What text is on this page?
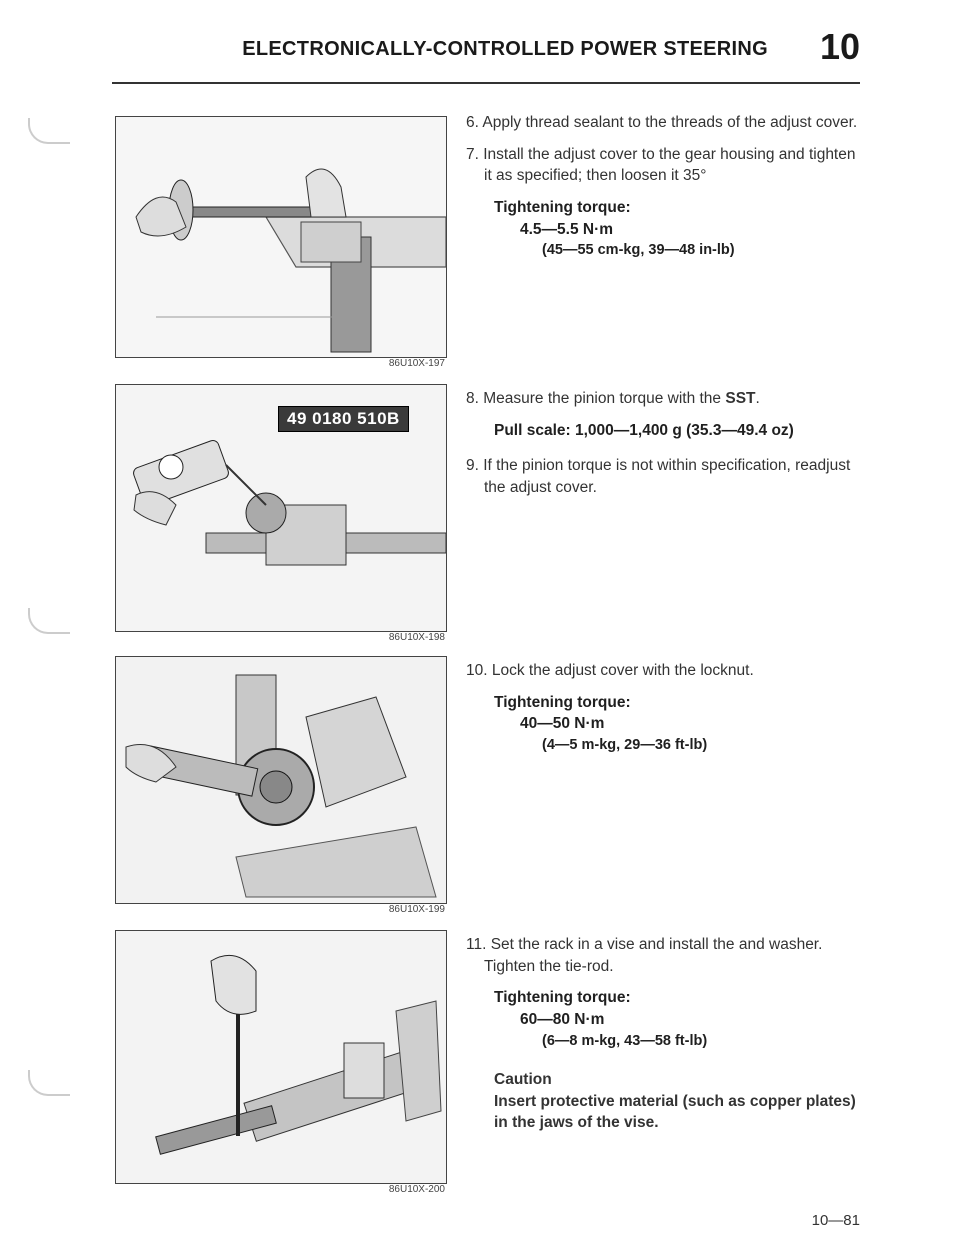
ELECTRONICALLY-CONTROLLED POWER STEERING 10
86U10X-197
49 0180 510B
86U10X-198
86U10X-199
86U10X-200

6. Apply thread sealant to the threads of the adjust cover.

7. Install the adjust cover to the gear housing and tighten it as specified; then loosen it 35°

Tightening torque:
4.5—5.5 N·m
(45—55 cm-kg, 39—48 in-lb)

8. Measure the pinion torque with the SST.

Pull scale: 1,000—1,400 g (35.3—49.4 oz)

9. If the pinion torque is not within specification, readjust the adjust cover.

10. Lock the adjust cover with the locknut.

Tightening torque:
40—50 N·m
(4—5 m-kg, 29—36 ft-lb)

11. Set the rack in a vise and install the and washer. Tighten the tie-rod.

Tightening torque:
60—80 N·m
(6—8 m-kg, 43—58 ft-lb)
Caution
Insert protective material (such as copper plates) in the jaws of the vise.
10—81
